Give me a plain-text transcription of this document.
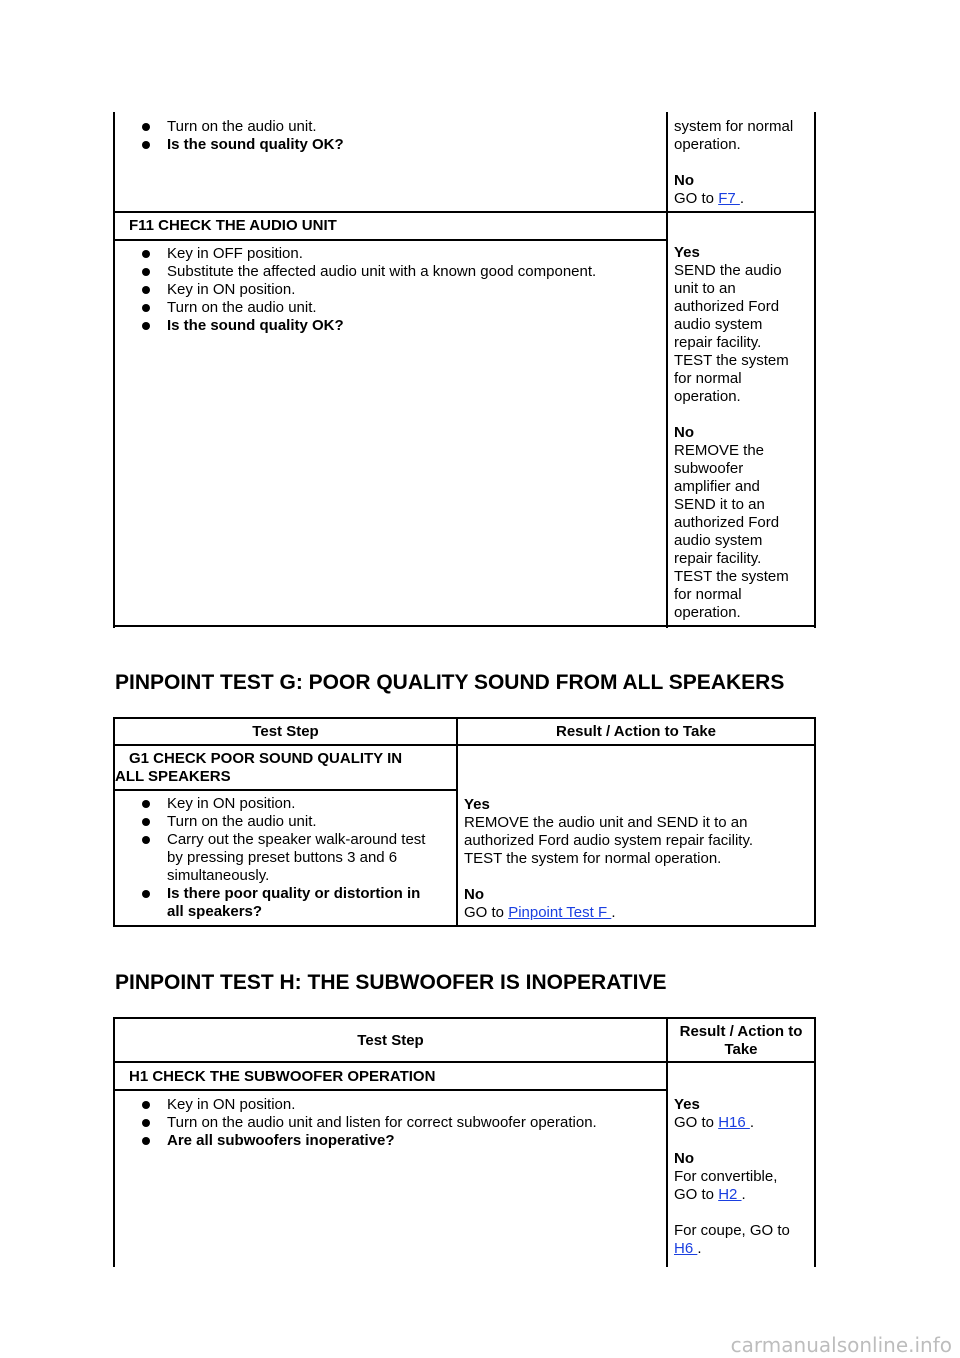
Turn on the audio unit.
Is the sound quality OK?

system for normal

operation.

No

GO to F7 .

F11 CHECK THE AUDIO UNIT
Key in OFF position.
Substitute the affected audio unit with a known good component.
Key in ON position.
Turn on the audio unit.
Is the sound quality OK?

Yes

SEND the audio

unit to an

authorized Ford

audio system

repair facility.

TEST the system

for normal

operation.

No

REMOVE the

subwoofer

amplifier and

SEND it to an

authorized Ford

audio system

repair facility.

TEST the system

for normal

operation.

PINPOINT TEST G: POOR QUALITY SOUND FROM ALL SPEAKERS
Test Step	Result / Action to Take
G1 CHECK POOR SOUND QUALITY IN
ALL SPEAKERS
Key in ON position.
Turn on the audio unit.
Carry out the speaker walk-around test
by pressing preset buttons 3 and 6
simultaneously.
Is there poor quality or distortion in
all speakers?

Yes

REMOVE the audio unit and SEND it to an

authorized Ford audio system repair facility.

TEST the system for normal operation.

No

GO to Pinpoint Test F .

PINPOINT TEST H: THE SUBWOOFER IS INOPERATIVE
Test Step
Result / Action to
Take
H1 CHECK THE SUBWOOFER OPERATION
Key in ON position.
Turn on the audio unit and listen for correct subwoofer operation.
Are all subwoofers inoperative?

Yes

GO to H16 .

No

For convertible,

GO to H2 .

For coupe, GO to

H6 .

carmanualsonline.info
